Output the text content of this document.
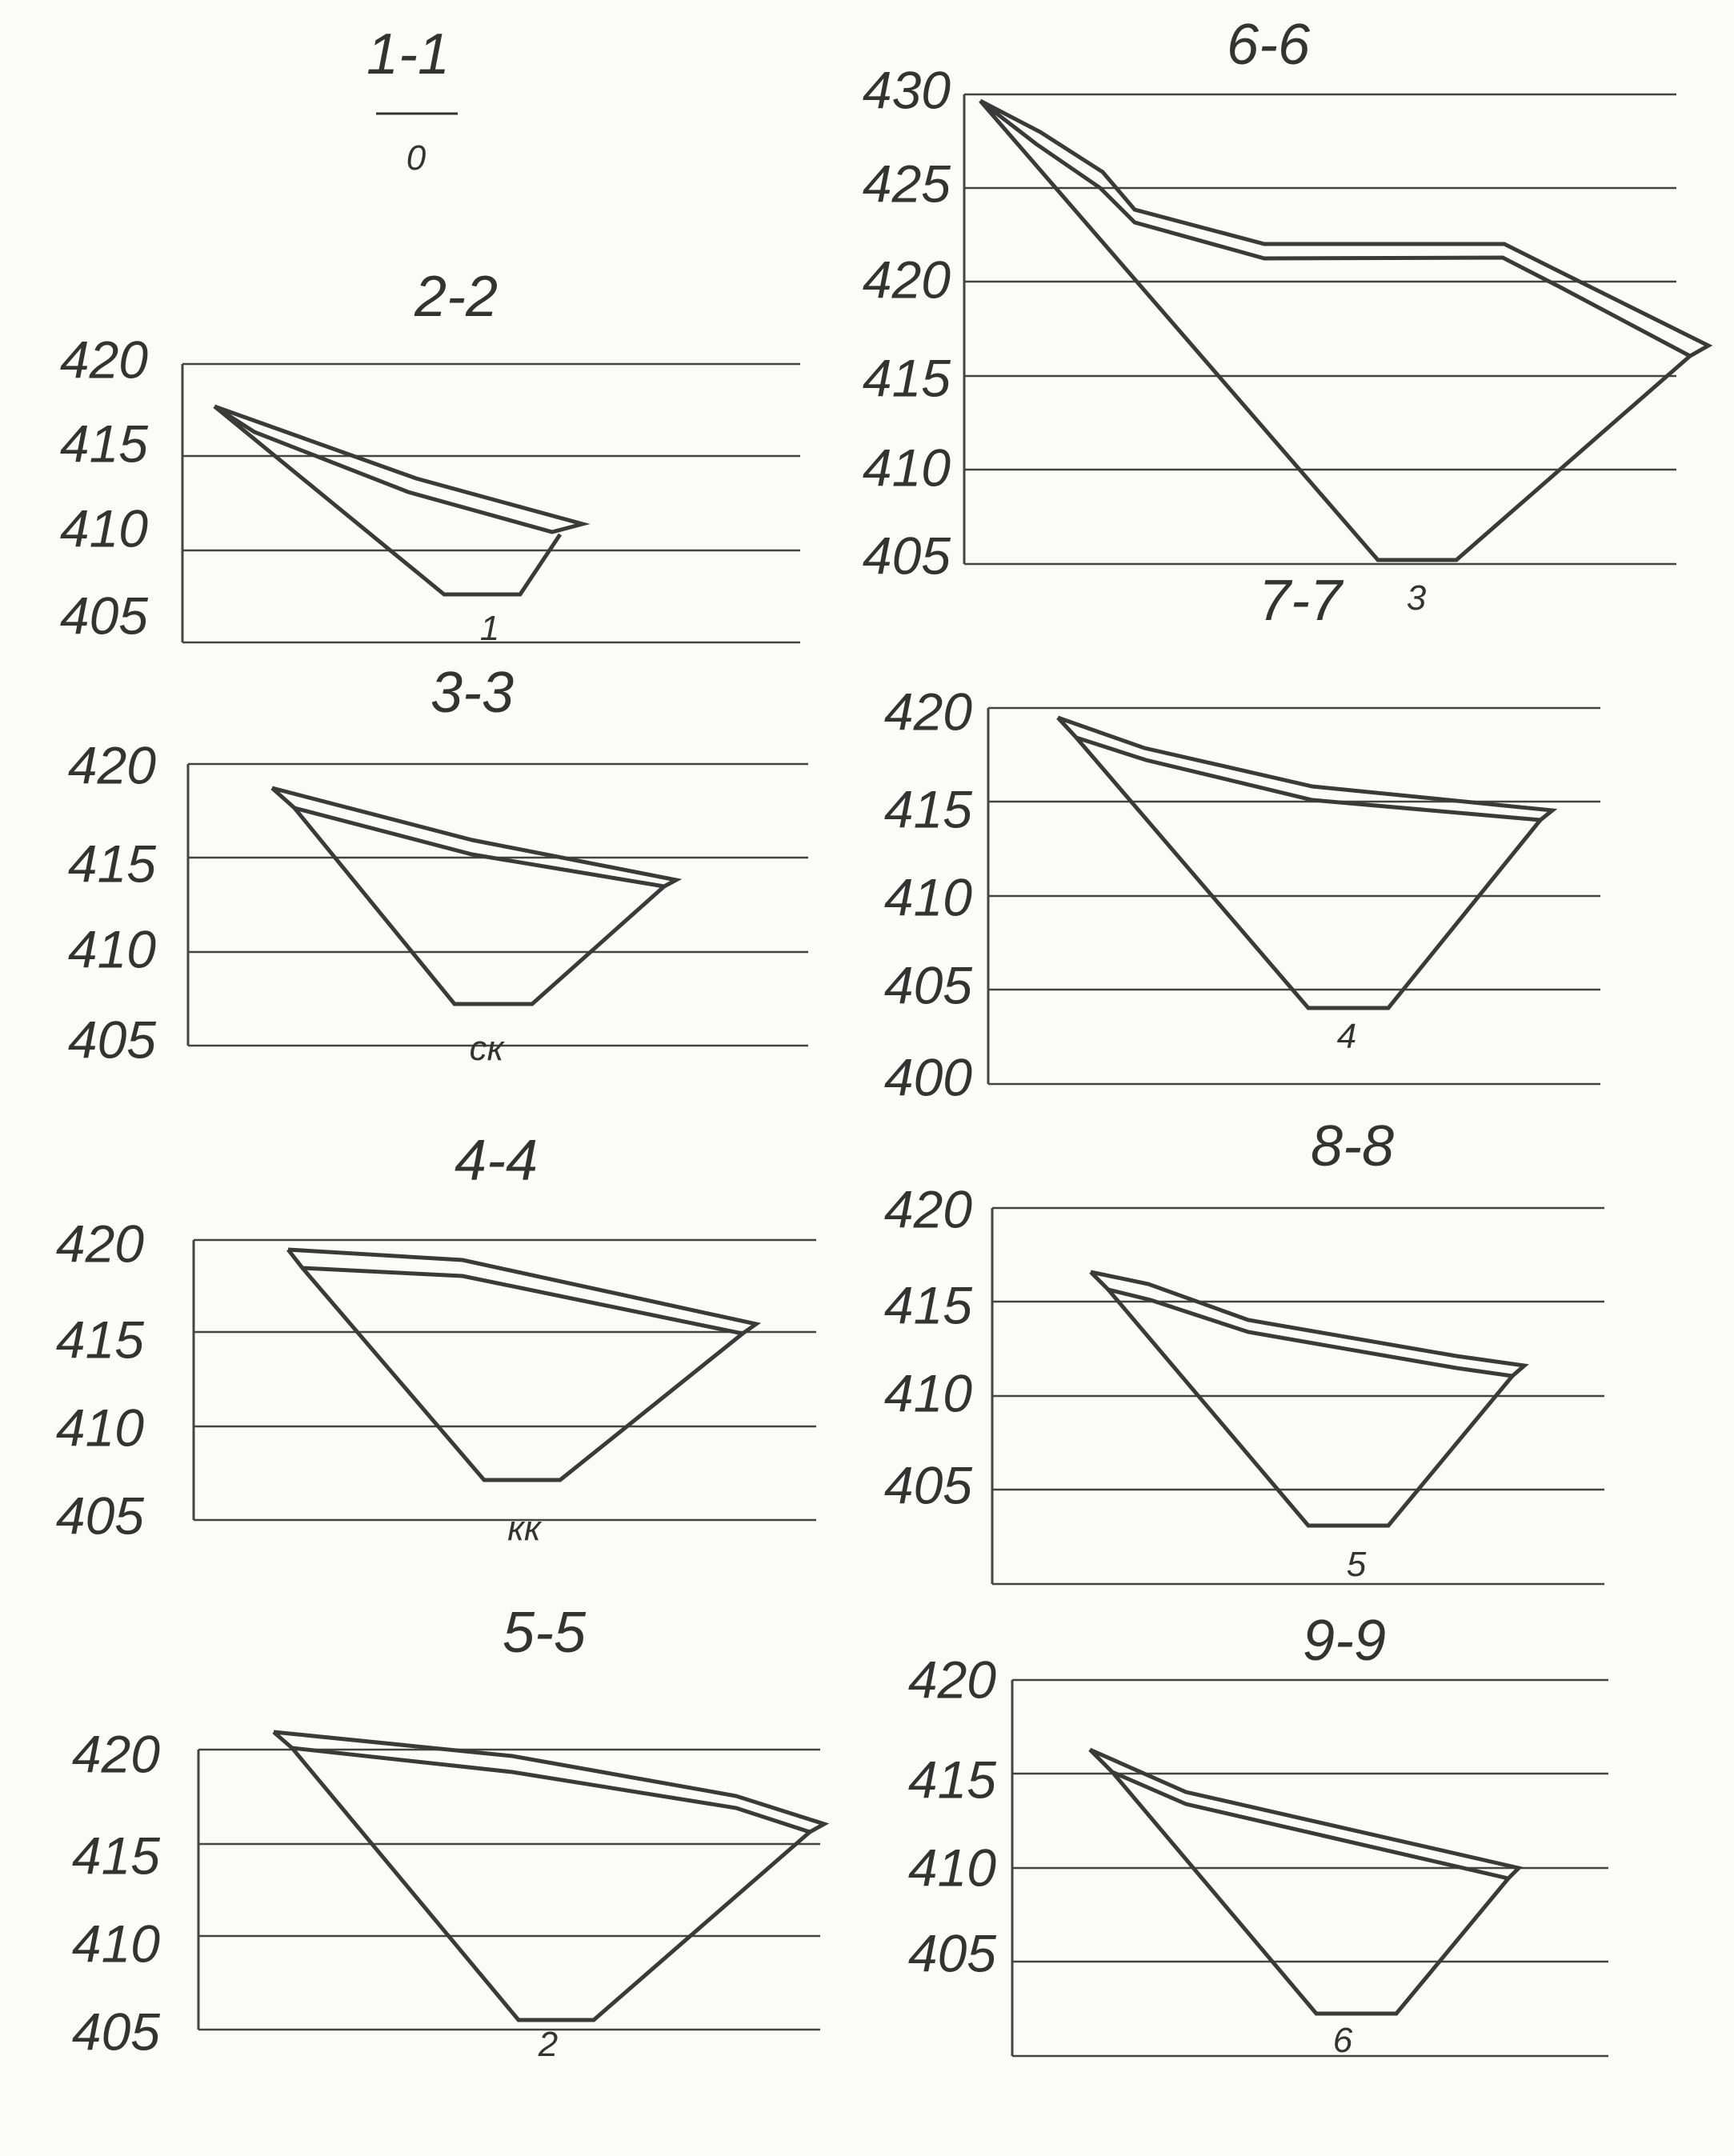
1-1
0
2-2
420
415
410
405	1
3-3
420
415
410
405	ск
4-4
420
415
410
405	кк
5-5
420
415
410
405	2
6-6
430
425
420
415
410
405
3
7-7
420
415
410
405
400
4
8-8
420
415
410
405
5
9-9
420
415
410
405
6
